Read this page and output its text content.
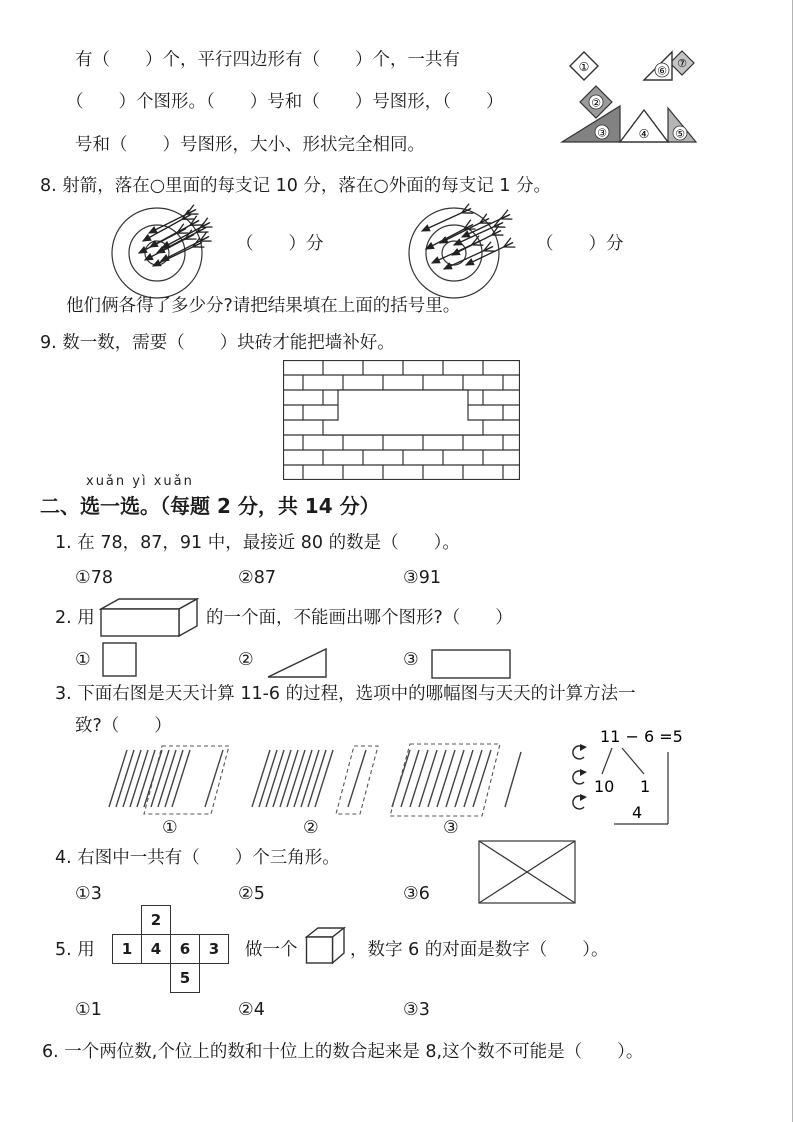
有（　　）个，平行四边形有（　　）个，一共有
（　　）个图形。（　　）号和（　　）号图形，（　　）
号和（　　）号图形，大小、形状完全相同。
①	⑦
⑥
②
③	④ ⑤
8. 射箭，落在○里面的每支记 10 分，落在○外面的每支记 1 分。
（　　）分	（　　）分
他们俩各得了多少分?请把结果填在上面的括号里。
9. 数一数，需要（　　）块砖才能把墙补好。
xuǎn yì xuǎn
二、选一选。（每题 2 分，共 14 分）
1. 在 78，87，91 中，最接近 80 的数是（　　）。
①78	②87	③91
2. 用	的一个面，不能画出哪个图形?（　　）
①	②	③
3. 下面右图是天天计算 11-6 的过程，选项中的哪幅图与天天的计算方法一
致?（　　）
11 − 6 =5
10 1
4
①	②	③
4. 右图中一共有（　　）个三角形。
①3	②5	③6
5. 用
2
1	4	6	3
5
做一个	，数字 6 的对面是数字（　　）。
①1	②4	③3
6. 一个两位数,个位上的数和十位上的数合起来是 8,这个数不可能是（　　）。
